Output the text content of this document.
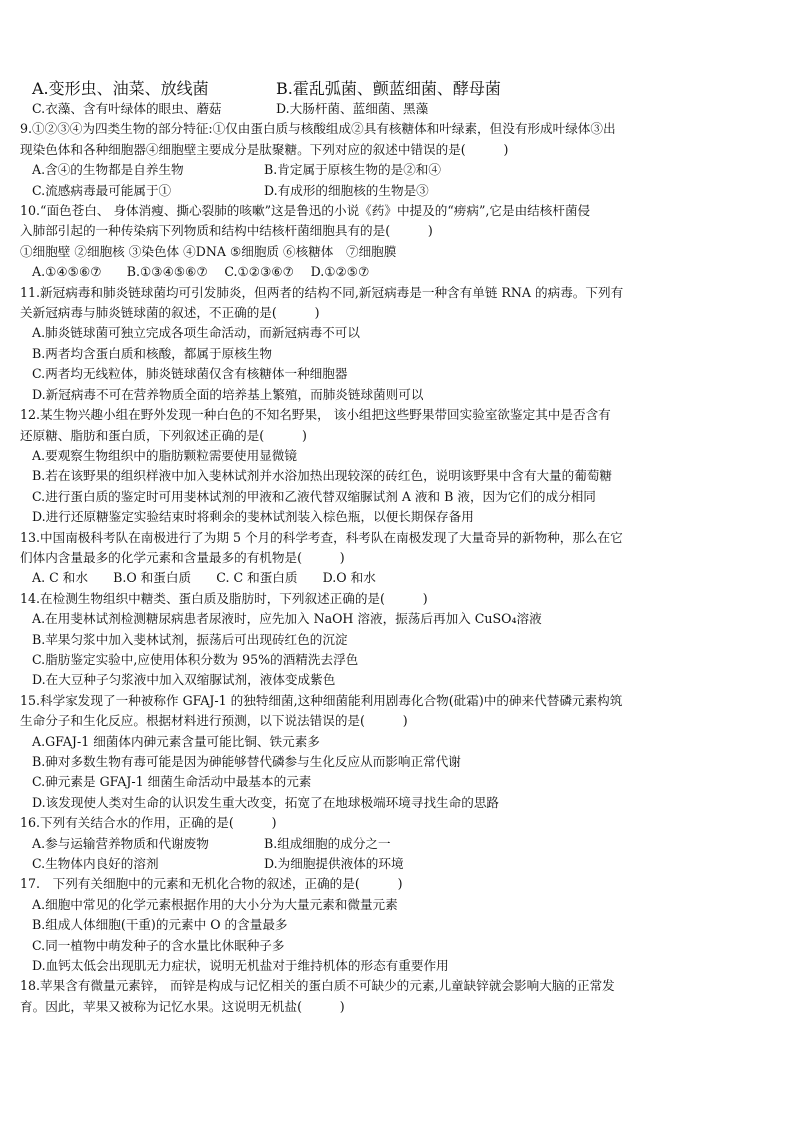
A.变形虫、油菜、放线菌	B.霍乱弧菌、颤蓝细菌、酵母菌
C.衣藻、含有叶绿体的眼虫、蘑菇	D.大肠杆菌、蓝细菌、黑藻
9.①②③④为四类生物的部分特征:①仅由蛋白质与核酸组成②具有核糖体和叶绿素，但没有形成叶绿体③出
现染色体和各种细胞器④细胞壁主要成分是肽聚糖。下列对应的叙述中错误的是(　　　)
A.含④的生物都是自养生物	B.肯定属于原核生物的是②和④
C.流感病毒最可能属于①	D.有成形的细胞核的生物是③
10.“面色苍白、 身体消瘦、撕心裂肺的咳嗽”这是鲁迅的小说《药》中提及的“痨病”,它是由结核杆菌侵
入肺部引起的一种传染病下列物质和结构中结核杆菌细胞具有的是(　　　)
①细胞壁 ②细胞核 ③染色体 ④DNA ⑤细胞质 ⑥核糖体　⑦细胞膜
A.①④⑤⑥⑦　　B.①③④⑤⑥⑦　 C.①②③⑥⑦　 D.①②⑤⑦
11.新冠病毒和肺炎链球菌均可引发肺炎，但两者的结构不同,新冠病毒是一种含有单链 RNA 的病毒。下列有
关新冠病毒与肺炎链球菌的叙述，不正确的是(　　　)
A.肺炎链球菌可独立完成各项生命活动，而新冠病毒不可以
B.两者均含蛋白质和核酸，都属于原核生物
C.两者均无线粒体，肺炎链球菌仅含有核糖体一种细胞器
D.新冠病毒不可在营养物质全面的培养基上繁殖，而肺炎链球菌则可以
12.某生物兴趣小组在野外发现一种白色的不知名野果， 该小组把这些野果带回实验室欲鉴定其中是否含有
还原糖、脂肪和蛋白质，下列叙述正确的是(　　　)
A.要观察生物组织中的脂肪颗粒需要使用显微镜
B.若在该野果的组织样液中加入斐林试剂并水浴加热出现较深的砖红色，说明该野果中含有大量的葡萄糖
C.进行蛋白质的鉴定时可用斐林试剂的甲液和乙液代替双缩脲试剂 A 液和 B 液，因为它们的成分相同
D.进行还原糖鉴定实验结束时将剩余的斐林试剂装入棕色瓶，以便长期保存备用
13.中国南极科考队在南极进行了为期 5 个月的科学考查，科考队在南极发现了大量奇异的新物种，那么在它
们体内含量最多的化学元素和含量最多的有机物是(　　　)
A. C 和水　　B.O 和蛋白质　　C. C 和蛋白质　　D.O 和水
14.在检测生物组织中糖类、蛋白质及脂肪时，下列叙述正确的是(　　　)
A.在用斐林试剂检测糖尿病患者尿液时，应先加入 NaOH 溶液，振荡后再加入 CuSO₄溶液
B.苹果匀浆中加入斐林试剂，振荡后可出现砖红色的沉淀
C.脂肪鉴定实验中,应使用体积分数为 95%的酒精洗去浮色
D.在大豆种子匀浆液中加入双缩脲试剂，液体变成紫色
15.科学家发现了一种被称作 GFAJ-1 的独特细菌,这种细菌能利用剧毒化合物(砒霜)中的砷来代替磷元素构筑
生命分子和生化反应。根据材料进行预测，以下说法错误的是(　　　)
A.GFAJ-1 细菌体内砷元素含量可能比铜、铁元素多
B.砷对多数生物有毒可能是因为砷能够替代磷参与生化反应从而影响正常代谢
C.砷元素是 GFAJ-1 细菌生命活动中最基本的元素
D.该发现使人类对生命的认识发生重大改变，拓宽了在地球极端环境寻找生命的思路
16.下列有关结合水的作用，正确的是(　　　)
A.参与运输营养物质和代谢废物	B.组成细胞的成分之一
C.生物体内良好的溶剂	D.为细胞提供液体的环境
17.　下列有关细胞中的元素和无机化合物的叙述，正确的是(　　　)
A.细胞中常见的化学元素根据作用的大小分为大量元素和微量元素
B.组成人体细胞(干重)的元素中 O 的含量最多
C.同一植物中萌发种子的含水量比休眠种子多
D.血钙太低会出现肌无力症状，说明无机盐对于维持机体的形态有重要作用
18.苹果含有微量元素锌， 而锌是构成与记忆相关的蛋白质不可缺少的元素,儿童缺锌就会影响大脑的正常发
育。因此，苹果又被称为记忆水果。这说明无机盐(　　　)
